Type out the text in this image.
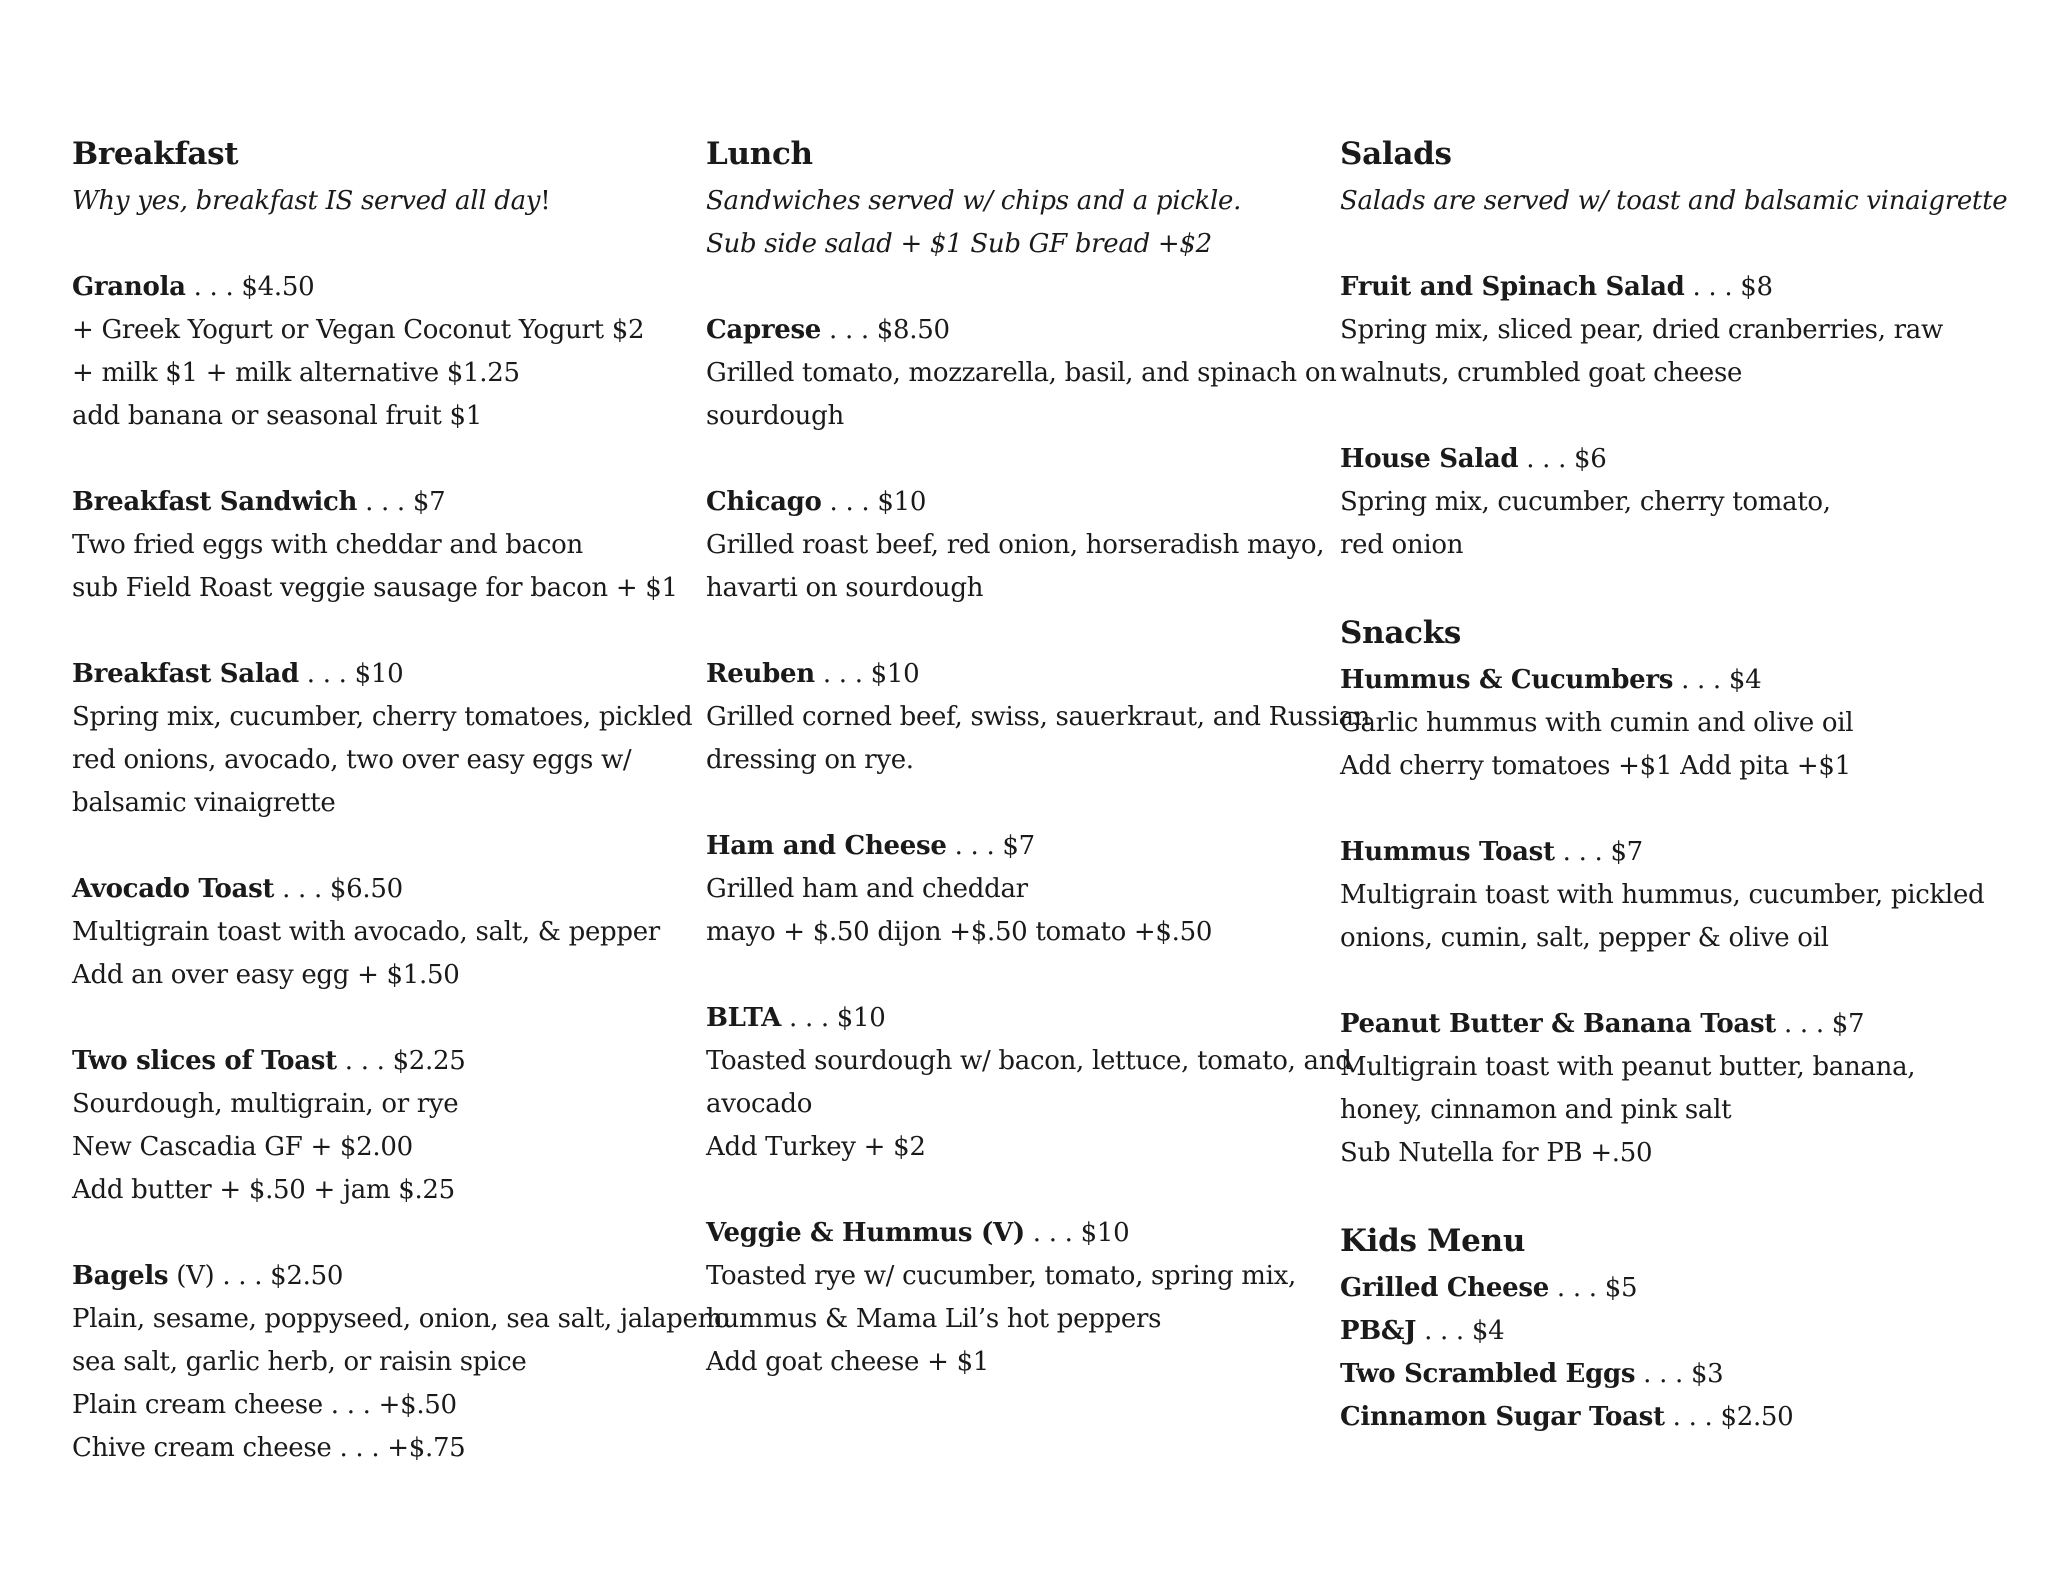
Breakfast
Why yes, breakfast IS served all day!
Granola . . . $4.50
+ Greek Yogurt or Vegan Coconut Yogurt $2
+ milk $1 + milk alternative $1.25
add banana or seasonal fruit $1
Breakfast Sandwich . . . $7
Two fried eggs with cheddar and bacon
sub Field Roast veggie sausage for bacon + $1
Breakfast Salad . . . $10
Spring mix, cucumber, cherry tomatoes, pickled
red onions, avocado, two over easy eggs w/
balsamic vinaigrette
Avocado Toast . . . $6.50
Multigrain toast with avocado, salt, & pepper
Add an over easy egg + $1.50
Two slices of Toast . . . $2.25
Sourdough, multigrain, or rye
New Cascadia GF + $2.00
Add butter + $.50 + jam $.25
Bagels (V) . . . $2.50
Plain, sesame, poppyseed, onion, sea salt, jalapeno
sea salt, garlic herb, or raisin spice
Plain cream cheese . . . +$.50
Chive cream cheese . . . +$.75
Lunch
Sandwiches served w/ chips and a pickle.
Sub side salad + $1 Sub GF bread +$2
Caprese . . . $8.50
Grilled tomato, mozzarella, basil, and spinach on
sourdough
Chicago . . . $10
Grilled roast beef, red onion, horseradish mayo,
havarti on sourdough
Reuben . . . $10
Grilled corned beef, swiss, sauerkraut, and Russian
dressing on rye.
Ham and Cheese . . . $7
Grilled ham and cheddar
mayo + $.50 dijon +$.50 tomato +$.50
BLTA . . . $10
Toasted sourdough w/ bacon, lettuce, tomato, and
avocado
Add Turkey + $2
Veggie & Hummus (V) . . . $10
Toasted rye w/ cucumber, tomato, spring mix,
hummus & Mama Lil’s hot peppers
Add goat cheese + $1
Salads
Salads are served w/ toast and balsamic vinaigrette
Fruit and Spinach Salad . . . $8
Spring mix, sliced pear, dried cranberries, raw
walnuts, crumbled goat cheese
House Salad . . . $6
Spring mix, cucumber, cherry tomato,
red onion
Snacks
Hummus & Cucumbers . . . $4
Garlic hummus with cumin and olive oil
Add cherry tomatoes +$1 Add pita +$1
Hummus Toast . . . $7
Multigrain toast with hummus, cucumber, pickled
onions, cumin, salt, pepper & olive oil
Peanut Butter & Banana Toast . . . $7
Multigrain toast with peanut butter, banana,
honey, cinnamon and pink salt
Sub Nutella for PB +.50
Kids Menu
Grilled Cheese . . . $5
PB&J . . . $4
Two Scrambled Eggs . . . $3
Cinnamon Sugar Toast . . . $2.50
